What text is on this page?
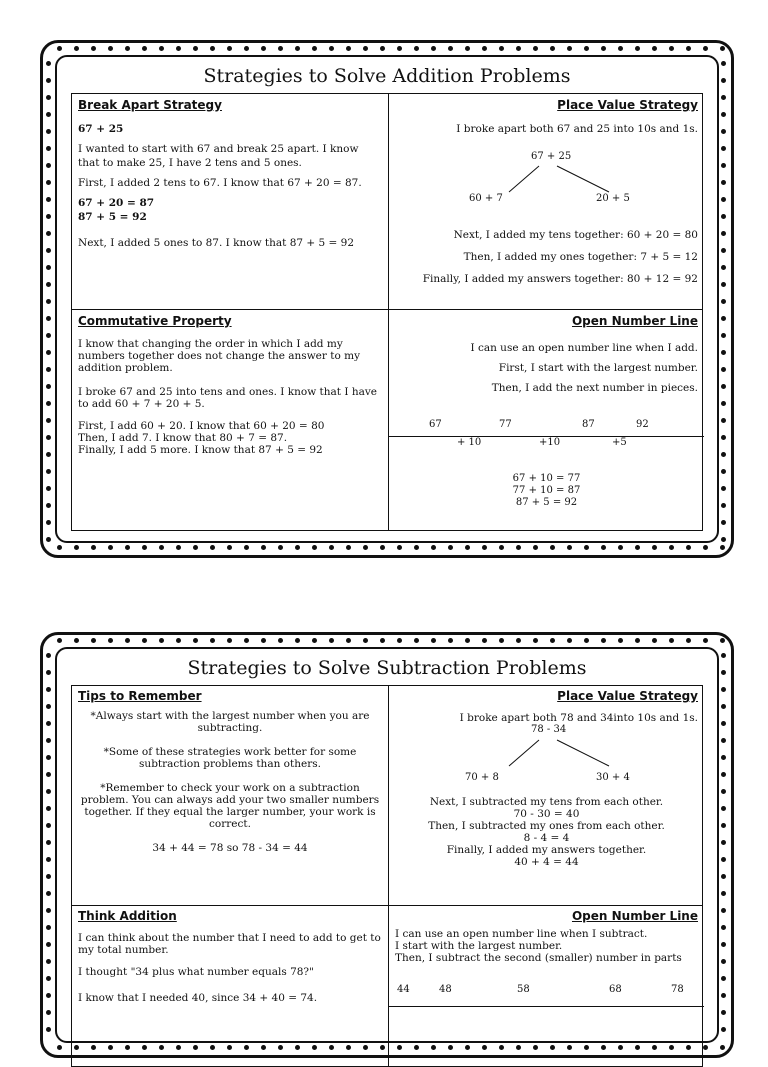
Strategies to Solve Addition Problems
Break Apart Strategy

67 + 25

I wanted to start with 67 and break 25 apart. I know that to make 25, I have 2 tens and 5 ones.

First, I added 2 tens to 67. I know that 67 + 20 = 87.

67 + 20 = 87
87 + 5 = 92

Next, I added 5 ones to 87. I know that 87 + 5 = 92

Place Value Strategy

I broke apart both 67 and 25 into 10s and 1s.

67 + 25
60 + 7	20 + 5
Next, I added my tens together: 60 + 20 = 80
Then, I added my ones together: 7 + 5 = 12
Finally, I added my answers together: 80 + 12 = 92
Commutative Property

I know that changing the order in which I add my numbers together does not change the answer to my addition problem.

I broke 67 and 25 into tens and ones. I know that I have to add 60 + 7 + 20 + 5.

First, I add 60 + 20. I know that 60 + 20 = 80
Then, I add 7. I know that 80 + 7 = 87.
Finally, I add 5 more. I know that 87 + 5 = 92
Open Number Line
I can use an open number line when I add.
First, I start with the largest number.
Then, I add the next number in pieces.
67	77	87	92
+ 10	+10	+5
67 + 10 = 77
77 + 10 = 87
87 + 5 = 92
Strategies to Solve Subtraction Problems
Tips to Remember

*Always start with the largest number when you are subtracting.

*Some of these strategies work better for some subtraction problems than others.

*Remember to check your work on a subtraction problem. You can always add your two smaller numbers together. If they equal the larger number, your work is correct.

34 + 44 = 78 so 78 - 34 = 44

Place Value Strategy
I broke apart both 78 and 34into 10s and 1s.
78 - 34
70 + 8	30 + 4
Next, I subtracted my tens from each other.
70 - 30 = 40
Then, I subtracted my ones from each other.
8 - 4 = 4
Finally, I added my answers together.
40 + 4 = 44
Think Addition

I can think about the number that I need to add to get to my total number.

I thought "34 plus what number equals 78?"

I know that I needed 40, since 34 + 40 = 74.

Open Number Line
I can use an open number line when I subtract.
I start with the largest number.
Then, I subtract the second (smaller) number in parts
44	48	58	68	78
